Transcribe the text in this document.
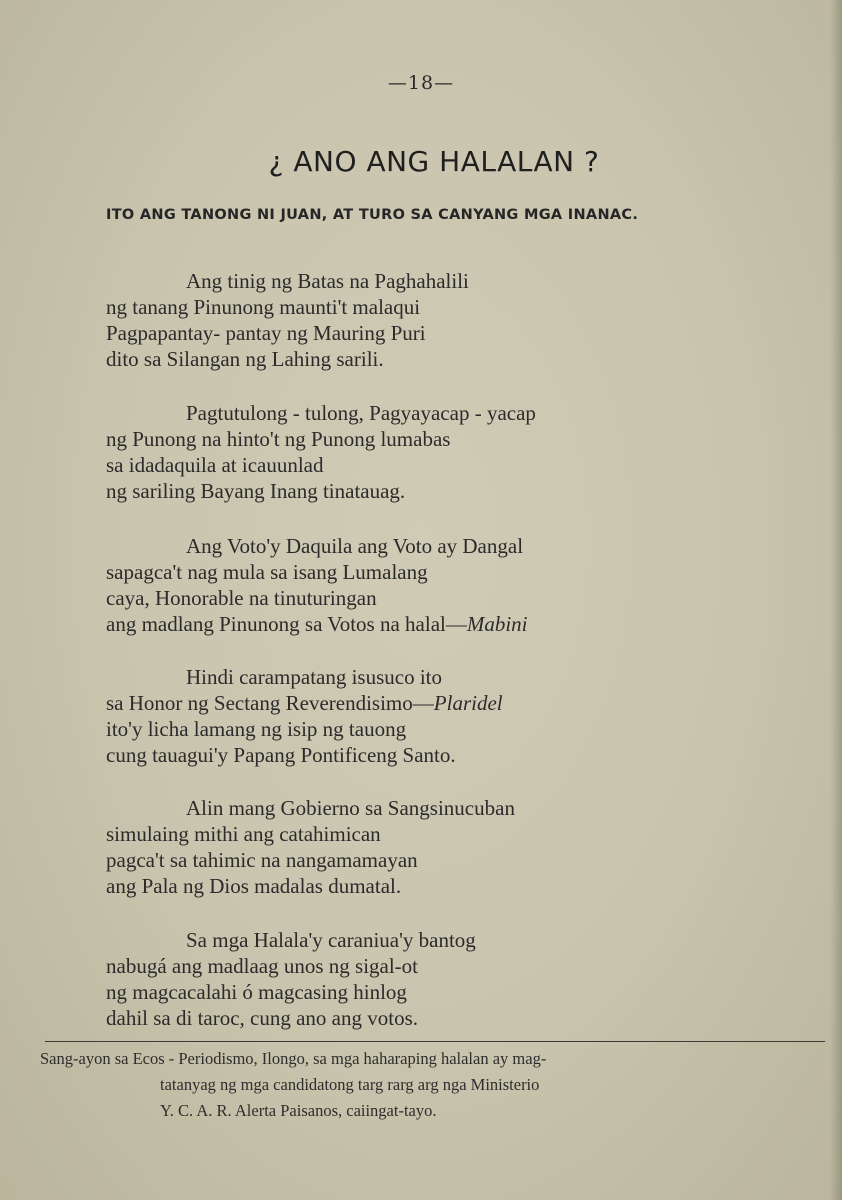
—18—
¿ ANO ANG HALALAN ?
ITO ANG TANONG NI JUAN, AT TURO SA CANYANG MGA INANAC.
Ang tinig ng Batas na Paghahalili
ng tanang Pinunong maunti't malaqui
Pagpapantay- pantay ng Mauring Puri
dito sa Silangan ng Lahing sarili.
Pagtutulong - tulong, Pagyayacap - yacap
ng Punong na hinto't ng Punong lumabas
sa idadaquila at icauunlad
ng sariling Bayang Inang tinatauag.
Ang Voto'y Daquila ang Voto ay Dangal
sapagca't nag mula sa isang Lumalang
caya, Honorable na tinuturingan
ang madlang Pinunong sa Votos na halal—Mabini
Hindi carampatang isusuco ito
sa Honor ng Sectang Reverendisimo—Plaridel
ito'y licha lamang ng isip ng tauong
cung tauagui'y Papang Pontificeng Santo.
Alin mang Gobierno sa Sangsinucuban
simulaing mithi ang catahimican
pagca't sa tahimic na nangamamayan
ang Pala ng Dios madalas dumatal.
Sa mga Halala'y caraniua'y bantog
nabugá ang madlaag unos ng sigal-ot
ng magcacalahi ó magcasing hinlog
dahil sa di taroc, cung ano ang votos.
Sang-ayon sa Ecos - Periodismo, Ilongo, sa mga haharaping halalan ay mag-
tatanyag ng mga candidatong targ rarg arg nga Ministerio
Y. C. A. R. Alerta Paisanos, caiingat-tayo.
